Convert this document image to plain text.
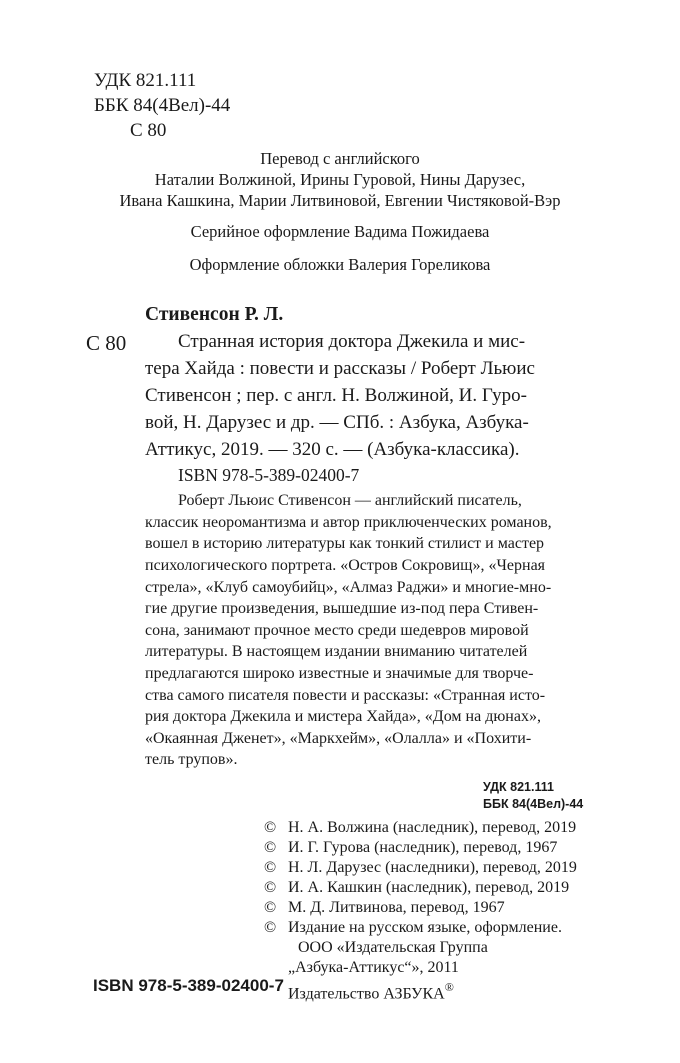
УДК 821.111
ББК 84(4Вел)-44
С 80
Перевод с английского
Наталии Волжиной, Ирины Гуровой, Нины Дарузес,
Ивана Кашкина, Марии Литвиновой, Евгении Чистяковой-Вэр
Серийное оформление Вадима Пожидаева
Оформление обложки Валерия Гореликова
Стивенсон Р. Л.
С 80	Странная история доктора Джекила и мис-
тера Хайда : повести и рассказы / Роберт Льюис
Стивенсон ; пер. с англ. Н. Волжиной, И. Гуро-
вой, Н. Дарузес и др. — СПб. : Азбука, Азбука-
Аттикус, 2019. — 320 с. — (Азбука-классика).
ISBN 978-5-389-02400-7
Роберт Льюис Стивенсон — английский писатель,
классик неоромантизма и автор приключенческих романов,
вошел в историю литературы как тонкий стилист и мастер
психологического портрета. «Остров Сокровищ», «Черная
стрела», «Клуб самоубийц», «Алмаз Раджи» и многие-мно-
гие другие произведения, вышедшие из-под пера Стивен-
сона, занимают прочное место среди шедевров мировой
литературы. В настоящем издании вниманию читателей
предлагаются широко известные и значимые для творче-
ства самого писателя повести и рассказы: «Странная исто-
рия доктора Джекила и мистера Хайда», «Дом на дюнах»,
«Окаянная Дженет», «Маркхейм», «Олалла» и «Похити-
тель трупов».
УДК 821.111
ББК 84(4Вел)-44
© Н. А. Волжина (наследник), перевод, 2019
© И. Г. Гурова (наследник), перевод, 1967
© Н. Л. Дарузес (наследники), перевод, 2019
© И. А. Кашкин (наследник), перевод, 2019
© М. Д. Литвинова, перевод, 1967
© Издание на русском языке, оформление.
ООО «Издательская Группа
„Азбука-Аттикус“», 2011
ISBN 978-5-389-02400-7 Издательство АЗБУКА®
